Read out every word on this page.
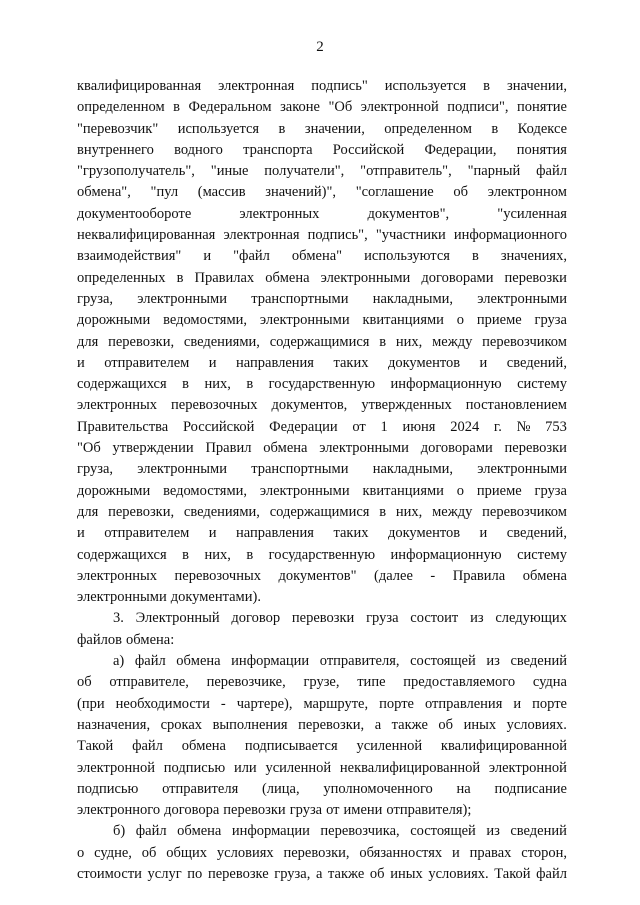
2
квалифицированная электронная подпись" используется в значении,
определенном в Федеральном законе "Об электронной подписи", понятие
"перевозчик" используется в значении, определенном в Кодексе
внутреннего водного транспорта Российской Федерации, понятия
"грузополучатель", "иные получатели", "отправитель", "парный файл
обмена", "пул (массив значений)", "соглашение об электронном
документообороте	электронных	документов",	"усиленная
неквалифицированная электронная подпись", "участники информационного
взаимодействия" и "файл обмена" используются в значениях,
определенных в Правилах обмена электронными договорами перевозки
груза, электронными транспортными накладными, электронными
дорожными ведомостями, электронными квитанциями о приеме груза
для перевозки, сведениями, содержащимися в них, между перевозчиком
и отправителем и направления таких документов и сведений,
содержащихся в них, в государственную информационную систему
электронных перевозочных документов, утвержденных постановлением
Правительства Российской Федерации от 1 июня 2024 г. № 753
"Об утверждении Правил обмена электронными договорами перевозки
груза, электронными транспортными накладными, электронными
дорожными ведомостями, электронными квитанциями о приеме груза
для перевозки, сведениями, содержащимися в них, между перевозчиком
и отправителем и направления таких документов и сведений,
содержащихся в них, в государственную информационную систему
электронных перевозочных документов" (далее - Правила обмена
электронными документами).
3. Электронный договор перевозки груза состоит из следующих
файлов обмена:
а) файл обмена информации отправителя, состоящей из сведений
об отправителе, перевозчике, грузе, типе предоставляемого судна
(при необходимости - чартере), маршруте, порте отправления и порте
назначения, сроках выполнения перевозки, а также об иных условиях.
Такой файл обмена подписывается усиленной квалифицированной
электронной подписью или усиленной неквалифицированной электронной
подписью отправителя (лица, уполномоченного на подписание
электронного договора перевозки груза от имени отправителя);
б) файл обмена информации перевозчика, состоящей из сведений
о судне, об общих условиях перевозки, обязанностях и правах сторон,
стоимости услуг по перевозке груза, а также об иных условиях. Такой файл
